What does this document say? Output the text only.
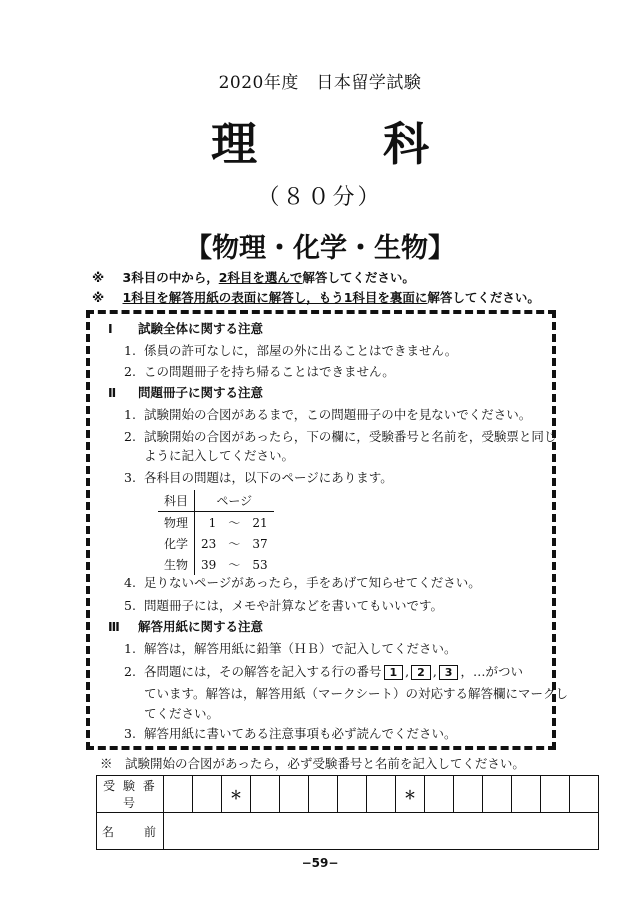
2020年度　日本留学試験
理　科
（８０分）
【物理・化学・生物】
※ 3科目の中から，2科目を選んで解答してください。
※ 1科目を解答用紙の表面に解答し，もう1科目を裏面に解答してください。
Ⅰ 試験全体に関する注意
1. 係員の許可なしに，部屋の外に出ることはできません。
2. この問題冊子を持ち帰ることはできません。
Ⅱ 問題冊子に関する注意
1. 試験開始の合図があるまで，この問題冊子の中を見ないでください。
2. 試験開始の合図があったら，下の欄に，受験番号と名前を，受験票と同じ
ように記入してください。
3. 各科目の問題は，以下のページにあります。
科目	ページ		
物理	1	～	21
化学	23	～	37
生物	39	～	53
4. 足りないページがあったら，手をあげて知らせてください。
5. 問題冊子には，メモや計算などを書いてもいいです。
Ⅲ 解答用紙に関する注意
1. 解答は，解答用紙に鉛筆（ＨＢ）で記入してください。
2. 各問題には，その解答を記入する行の番号 1 , 2 , 3 ，…がつい
ています。解答は，解答用紙（マークシート）の対応する解答欄にマークし
てください。
3. 解答用紙に書いてある注意事項も必ず読んでください。
※　試験開始の合図があったら，必ず受験番号と名前を記入してください。
受 験 番 号			＊						＊						
名　　前															
−59−
